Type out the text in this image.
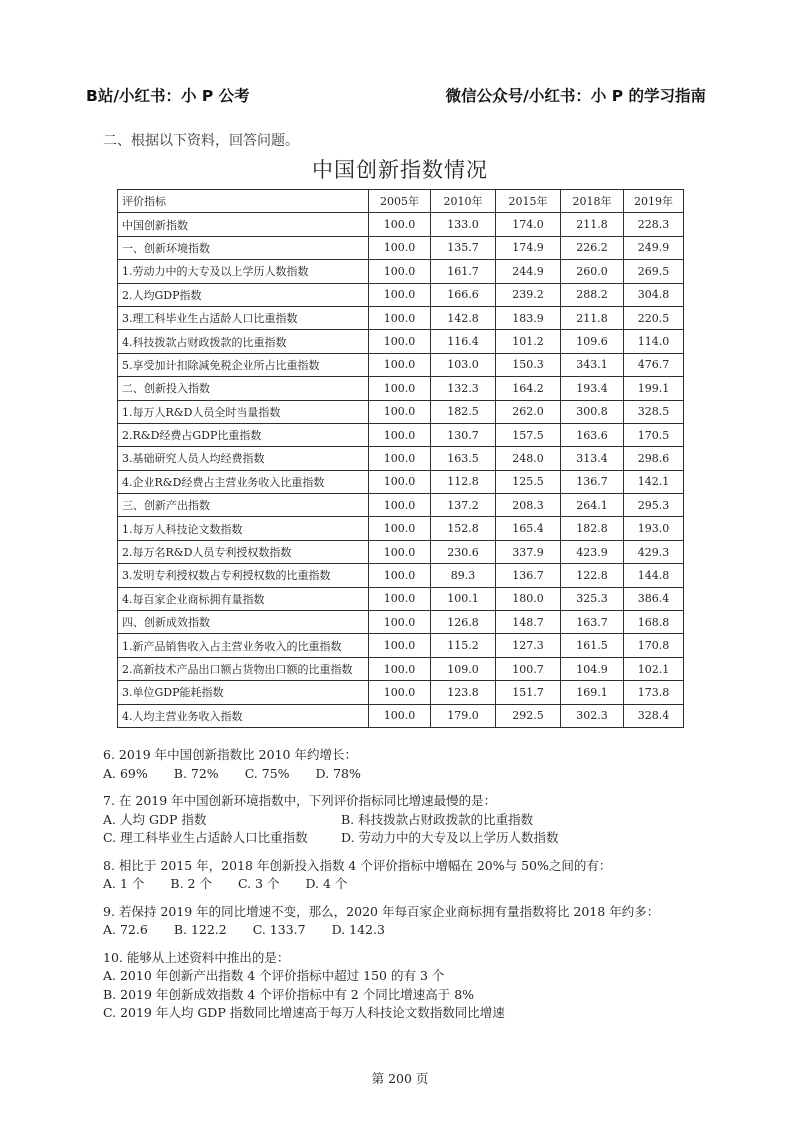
B站/小红书：小 P 公考	微信公众号/小红书：小 P 的学习指南
二、根据以下资料，回答问题。
中国创新指数情况
评价指标	2005年	2010年	2015年	2018年	2019年
中国创新指数	100.0	133.0	174.0	211.8	228.3
一、创新环境指数	100.0	135.7	174.9	226.2	249.9
1.劳动力中的大专及以上学历人数指数	100.0	161.7	244.9	260.0	269.5
2.人均GDP指数	100.0	166.6	239.2	288.2	304.8
3.理工科毕业生占适龄人口比重指数	100.0	142.8	183.9	211.8	220.5
4.科技拨款占财政拨款的比重指数	100.0	116.4	101.2	109.6	114.0
5.享受加计扣除减免税企业所占比重指数	100.0	103.0	150.3	343.1	476.7
二、创新投入指数	100.0	132.3	164.2	193.4	199.1
1.每万人R&D人员全时当量指数	100.0	182.5	262.0	300.8	328.5
2.R&D经费占GDP比重指数	100.0	130.7	157.5	163.6	170.5
3.基础研究人员人均经费指数	100.0	163.5	248.0	313.4	298.6
4.企业R&D经费占主营业务收入比重指数	100.0	112.8	125.5	136.7	142.1
三、创新产出指数	100.0	137.2	208.3	264.1	295.3
1.每万人科技论文数指数	100.0	152.8	165.4	182.8	193.0
2.每万名R&D人员专利授权数指数	100.0	230.6	337.9	423.9	429.3
3.发明专利授权数占专利授权数的比重指数	100.0	89.3	136.7	122.8	144.8
4.每百家企业商标拥有量指数	100.0	100.1	180.0	325.3	386.4
四、创新成效指数	100.0	126.8	148.7	163.7	168.8
1.新产品销售收入占主营业务收入的比重指数	100.0	115.2	127.3	161.5	170.8
2.高新技术产品出口额占货物出口额的比重指数	100.0	109.0	100.7	104.9	102.1
3.单位GDP能耗指数	100.0	123.8	151.7	169.1	173.8
4.人均主营业务收入指数	100.0	179.0	292.5	302.3	328.4
6. 2019 年中国创新指数比 2010 年约增长：
A. 69% B. 72% C. 75% D. 78%
7. 在 2019 年中国创新环境指数中，下列评价指标同比增速最慢的是：
A. 人均 GDP 指数	B. 科技拨款占财政拨款的比重指数
C. 理工科毕业生占适龄人口比重指数	D. 劳动力中的大专及以上学历人数指数
8. 相比于 2015 年，2018 年创新投入指数 4 个评价指标中增幅在 20%与 50%之间的有：
A. 1 个 B. 2 个 C. 3 个 D. 4 个
9. 若保持 2019 年的同比增速不变，那么，2020 年每百家企业商标拥有量指数将比 2018 年约多：
A. 72.6 B. 122.2 C. 133.7 D. 142.3
10. 能够从上述资料中推出的是：
A. 2010 年创新产出指数 4 个评价指标中超过 150 的有 3 个
B. 2019 年创新成效指数 4 个评价指标中有 2 个同比增速高于 8%
C. 2019 年人均 GDP 指数同比增速高于每万人科技论文数指数同比增速
第 200 页
